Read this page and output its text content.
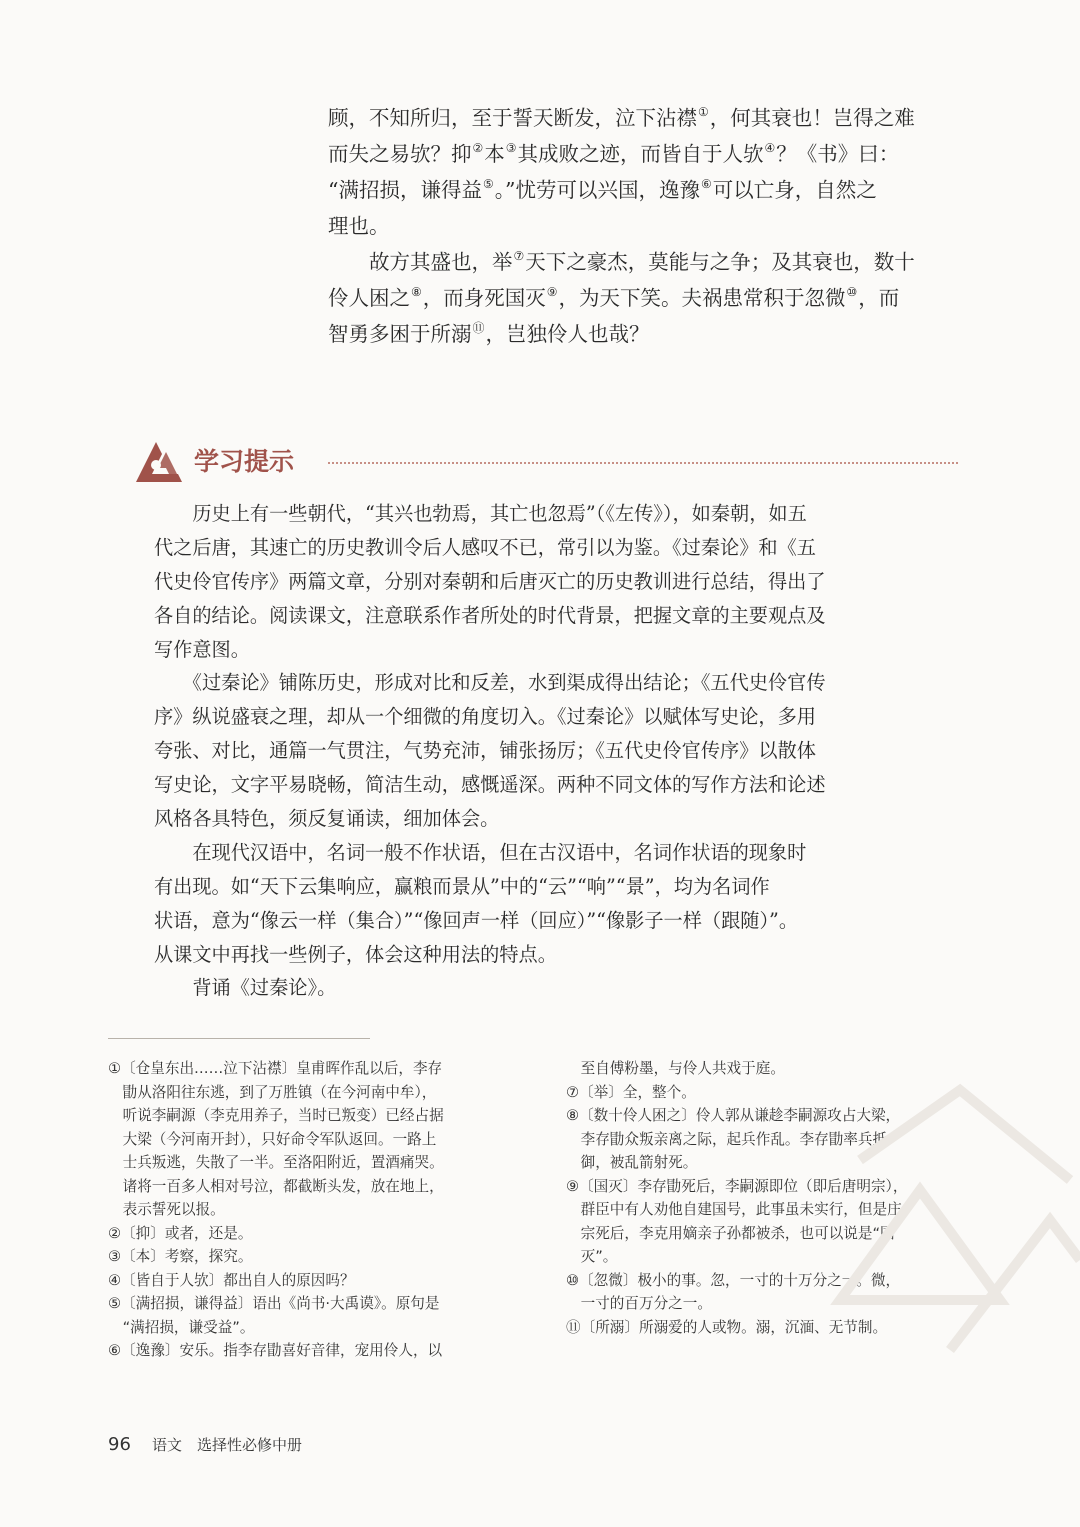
顾，不知所归，至于誓天断发，泣下沾襟①，何其衰也！岂得之难
而失之易欤？抑②本③其成败之迹，而皆自于人欤④？《书》曰：
“满招损，谦得益⑤。”忧劳可以兴国，逸豫⑥可以亡身，自然之
理也。
　　故方其盛也，举⑦天下之豪杰，莫能与之争；及其衰也，数十
伶人困之⑧，而身死国灭⑨，为天下笑。夫祸患常积于忽微⑩，而
智勇多困于所溺⑪，岂独伶人也哉？
学习提示
　　历史上有一些朝代，“其兴也勃焉，其亡也忽焉”（《左传》），如秦朝，如五
代之后唐，其速亡的历史教训令后人感叹不已，常引以为鉴。《过秦论》和《五
代史伶官传序》两篇文章，分别对秦朝和后唐灭亡的历史教训进行总结，得出了
各自的结论。阅读课文，注意联系作者所处的时代背景，把握文章的主要观点及
写作意图。
　　《过秦论》铺陈历史，形成对比和反差，水到渠成得出结论；《五代史伶官传
序》纵说盛衰之理，却从一个细微的角度切入。《过秦论》以赋体写史论，多用
夸张、对比，通篇一气贯注，气势充沛，铺张扬厉；《五代史伶官传序》以散体
写史论，文字平易晓畅，简洁生动，感慨遥深。两种不同文体的写作方法和论述
风格各具特色，须反复诵读，细加体会。
　　在现代汉语中，名词一般不作状语，但在古汉语中，名词作状语的现象时
有出现。如“天下云集响应，赢粮而景从”中的“云”“响”“景”，均为名词作
状语，意为“像云一样（集合）”“像回声一样（回应）”“像影子一样（跟随）”。
从课文中再找一些例子，体会这种用法的特点。
　　背诵《过秦论》。
①〔仓皇东出……泣下沾襟〕皇甫晖作乱以后，李存
　勖从洛阳往东逃，到了万胜镇（在今河南中牟），
　听说李嗣源（李克用养子，当时已叛变）已经占据
　大梁（今河南开封），只好命令军队返回。一路上
　士兵叛逃，失散了一半。至洛阳附近，置酒痛哭。
　诸将一百多人相对号泣，都截断头发，放在地上，
　表示誓死以报。
②〔抑〕或者，还是。
③〔本〕考察，探究。
④〔皆自于人欤〕都出自人的原因吗？
⑤〔满招损，谦得益〕语出《尚书·大禹谟》。原句是
　“满招损，谦受益”。
⑥〔逸豫〕安乐。指李存勖喜好音律，宠用伶人，以
　至自傅粉墨，与伶人共戏于庭。
⑦〔举〕全，整个。
⑧〔数十伶人困之〕伶人郭从谦趁李嗣源攻占大梁，
　李存勖众叛亲离之际，起兵作乱。李存勖率兵抵
　御，被乱箭射死。
⑨〔国灭〕李存勖死后，李嗣源即位（即后唐明宗），
　群臣中有人劝他自建国号，此事虽未实行，但是庄
　宗死后，李克用嫡亲子孙都被杀，也可以说是“国
　灭”。
⑩〔忽微〕极小的事。忽，一寸的十万分之一。微，
　一寸的百万分之一。
⑪〔所溺〕所溺爱的人或物。溺，沉湎、无节制。
96 语文　选择性必修中册
